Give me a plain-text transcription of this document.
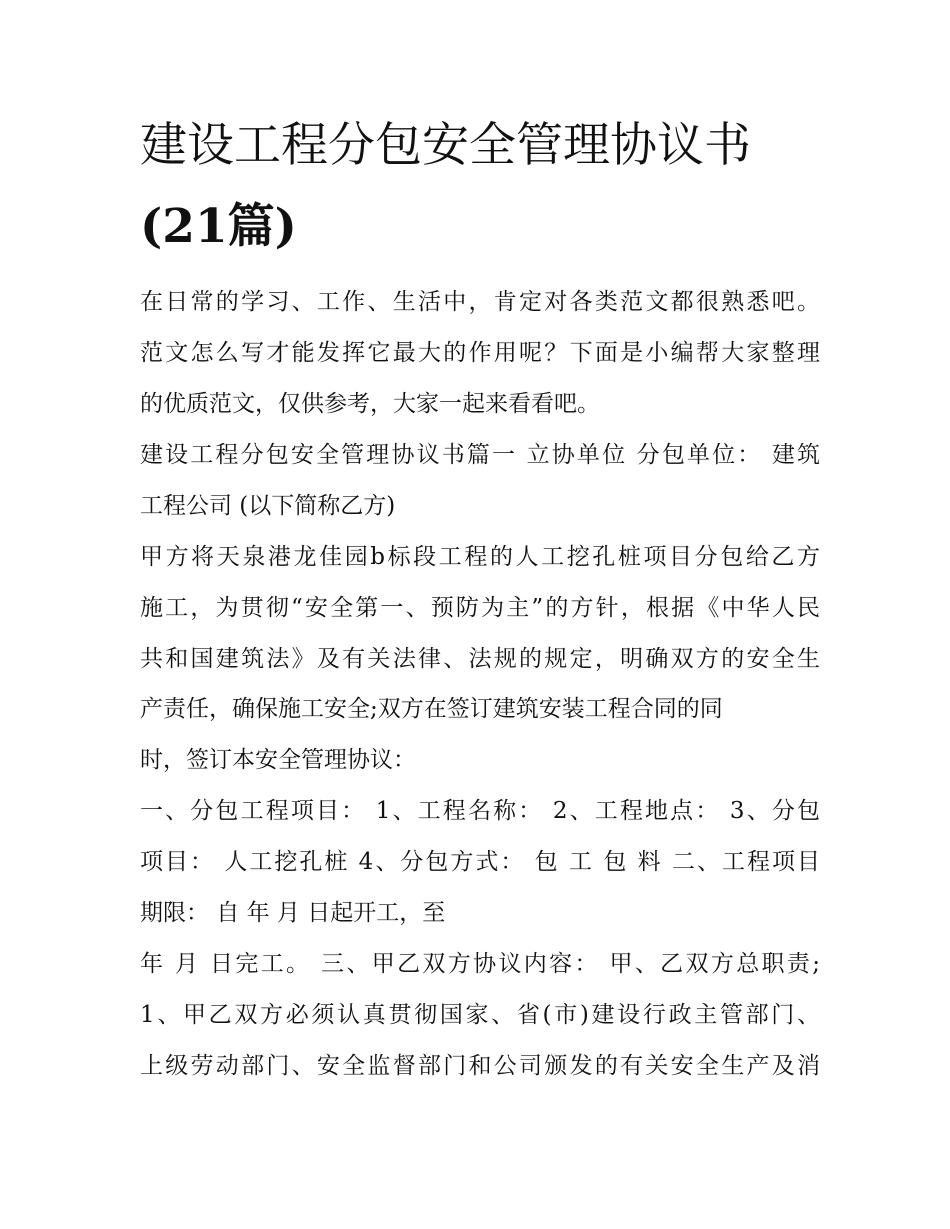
建设工程分包安全管理协议书
(21篇)

在日常的学习、工作、生活中，肯定对各类范文都很熟悉吧。

范文怎么写才能发挥它最大的作用呢？下面是小编帮大家整理

的优质范文，仅供参考，大家一起来看看吧。

建设工程分包安全管理协议书篇一 立协单位 分包单位： 建筑

工程公司 (以下简称乙方)

甲方将天泉港龙佳园b标段工程的人工挖孔桩项目分包给乙方

施工，为贯彻“安全第一、预防为主”的方针，根据《中华人民

共和国建筑法》及有关法律、法规的规定，明确双方的安全生

产责任，确保施工安全;双方在签订建筑安装工程合同的同

时，签订本安全管理协议：

一、分包工程项目： 1、工程名称： 2、工程地点： 3、分包

项目： 人工挖孔桩 4、分包方式： 包 工 包 料 二、工程项目

期限： 自 年 月 日起开工，至

年 月 日完工。 三、甲乙双方协议内容： 甲、乙双方总职责;

1、甲乙双方必须认真贯彻国家、省(市)建设行政主管部门、

上级劳动部门、安全监督部门和公司颁发的有关安全生产及消
